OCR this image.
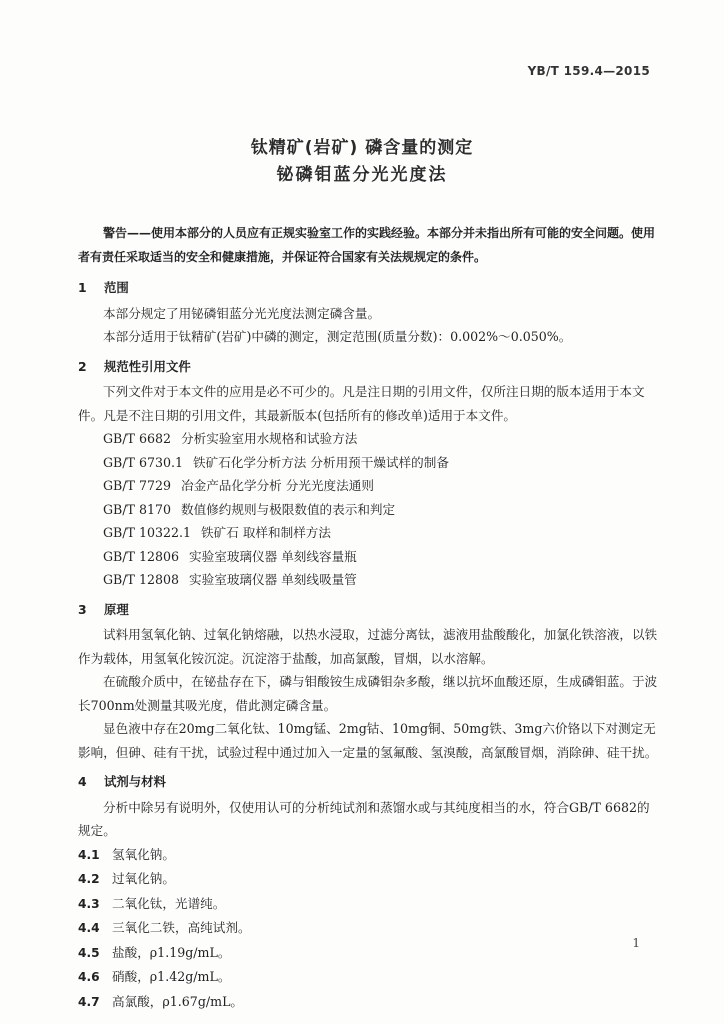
YB/T 159.4—2015
钛精矿(岩矿) 磷含量的测定
铋磷钼蓝分光光度法

警告——使用本部分的人员应有正规实验室工作的实践经验。本部分并未指出所有可能的安全问题。使用者有责任采取适当的安全和健康措施，并保证符合国家有关法规规定的条件。

1 范围

本部分规定了用铋磷钼蓝分光光度法测定磷含量。

本部分适用于钛精矿(岩矿)中磷的测定，测定范围(质量分数)：0.002%～0.050%。

2 规范性引用文件

下列文件对于本文件的应用是必不可少的。凡是注日期的引用文件，仅所注日期的版本适用于本文件。凡是不注日期的引用文件，其最新版本(包括所有的修改单)适用于本文件。

GB/T 6682 分析实验室用水规格和试验方法

GB/T 6730.1 铁矿石化学分析方法 分析用预干燥试样的制备

GB/T 7729 冶金产品化学分析 分光光度法通则

GB/T 8170 数值修约规则与极限数值的表示和判定

GB/T 10322.1 铁矿石 取样和制样方法

GB/T 12806 实验室玻璃仪器 单刻线容量瓶

GB/T 12808 实验室玻璃仪器 单刻线吸量管

3 原理

试料用氢氧化钠、过氧化钠熔融，以热水浸取，过滤分离钛，滤液用盐酸酸化，加氯化铁溶液，以铁作为载体，用氢氧化铵沉淀。沉淀溶于盐酸，加高氯酸，冒烟，以水溶解。

在硫酸介质中，在铋盐存在下，磷与钼酸铵生成磷钼杂多酸，继以抗坏血酸还原，生成磷钼蓝。于波长700nm处测量其吸光度，借此测定磷含量。

显色液中存在20mg二氧化钛、10mg锰、2mg钴、10mg铜、50mg铁、3mg六价铬以下对测定无影响，但砷、硅有干扰，试验过程中通过加入一定量的氢氟酸、氢溴酸，高氯酸冒烟，消除砷、硅干扰。

4 试剂与材料

分析中除另有说明外，仅使用认可的分析纯试剂和蒸馏水或与其纯度相当的水，符合GB/T 6682的规定。

4.1 氢氧化钠。

4.2 过氧化钠。

4.3 二氧化钛，光谱纯。

4.4 三氧化二铁，高纯试剂。

4.5 盐酸，ρ1.19g/mL。

4.6 硝酸，ρ1.42g/mL。

4.7 高氯酸，ρ1.67g/mL。

1
